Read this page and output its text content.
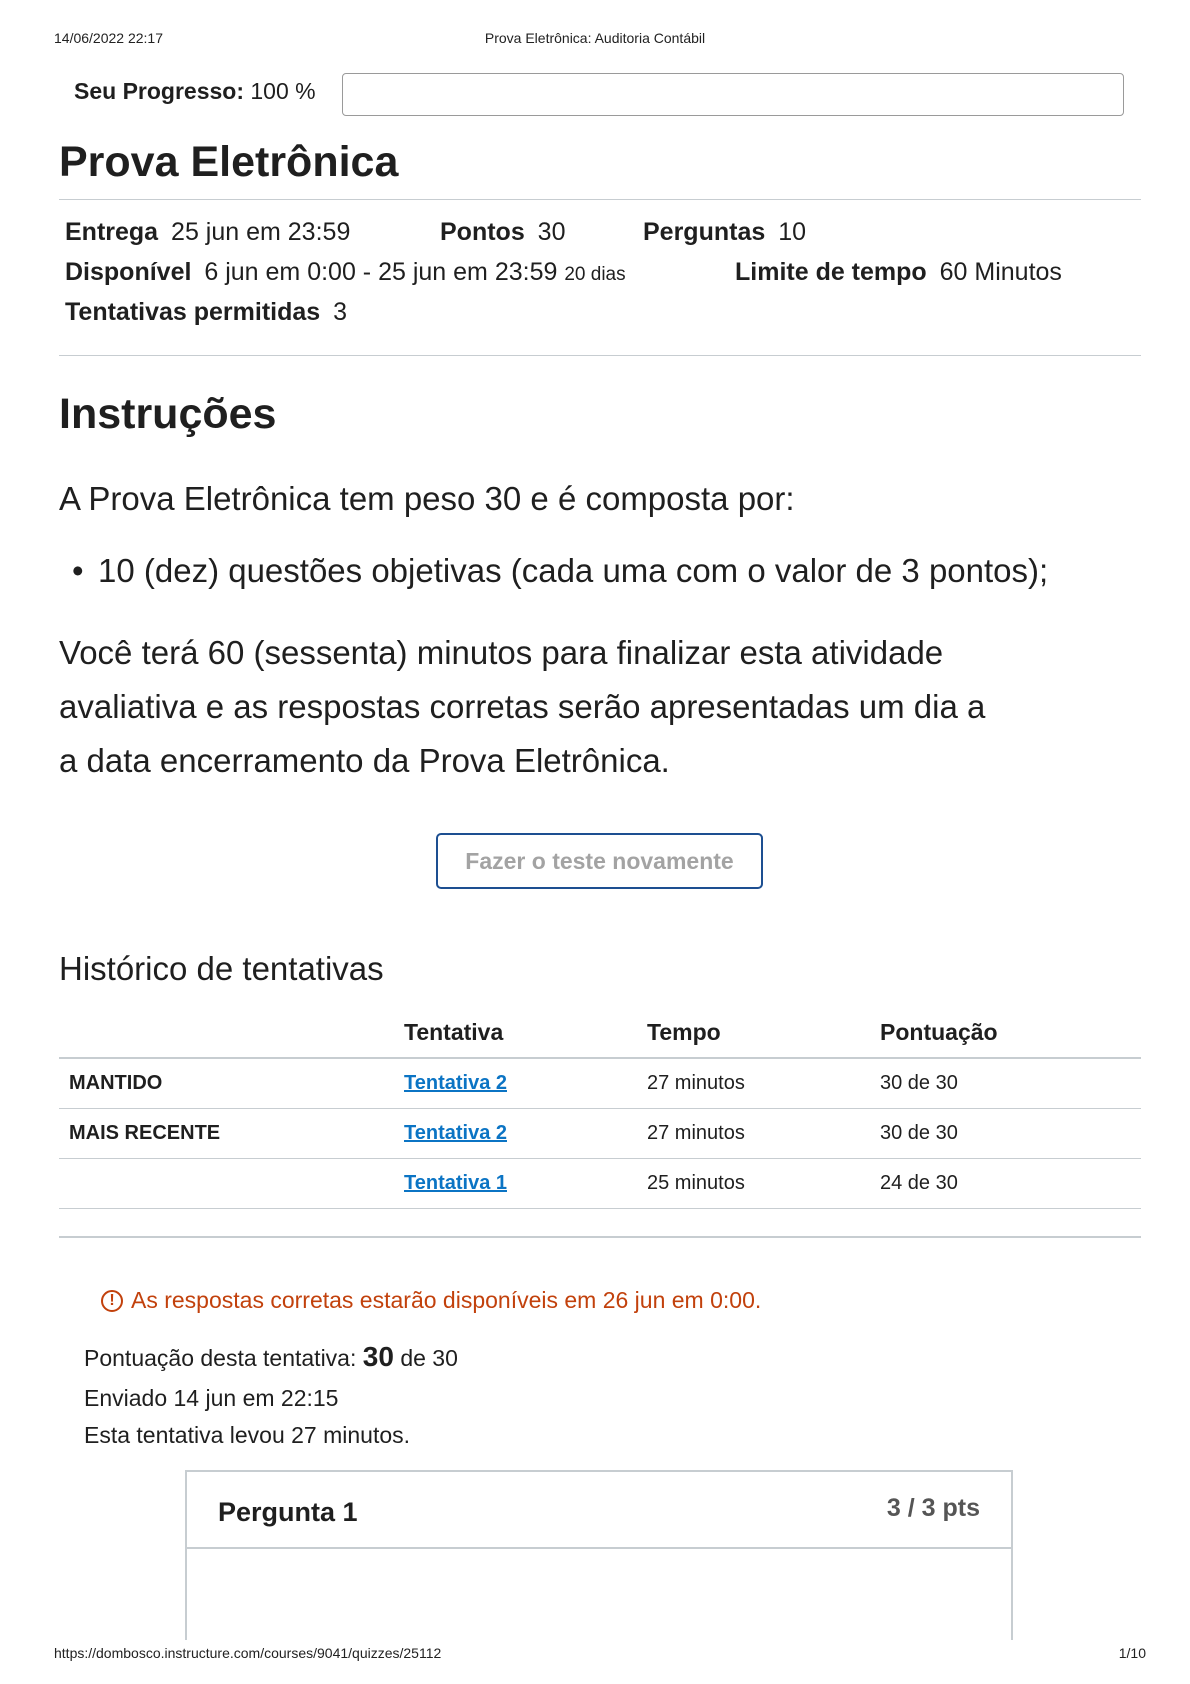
14/06/2022 22:17	Prova Eletrônica: Auditoria Contábil
Seu Progresso: 100 %
Prova Eletrônica
Entrega 25 jun em 23:59	Pontos 30	Perguntas 10
Disponível 6 jun em 0:00 - 25 jun em 23:59 20 dias	Limite de tempo 60 Minutos
Tentativas permitidas 3
Instruções
A Prova Eletrônica tem peso 30 e é composta por:
• 10 (dez) questões objetivas (cada uma com o valor de 3 pontos);
Você terá 60 (sessenta) minutos para finalizar esta atividade
avaliativa e as respostas corretas serão apresentadas um dia a
a data encerramento da Prova Eletrônica.
Fazer o teste novamente
Histórico de tentativas
	Tentativa	Tempo	Pontuação
MANTIDO	Tentativa 2	27 minutos	30 de 30
MAIS RECENTE	Tentativa 2	27 minutos	30 de 30
	Tentativa 1	25 minutos	24 de 30
! As respostas corretas estarão disponíveis em 26 jun em 0:00.
Pontuação desta tentativa: 30 de 30
Enviado 14 jun em 22:15
Esta tentativa levou 27 minutos.
Pergunta 1	3 / 3 pts
https://dombosco.instructure.com/courses/9041/quizzes/25112	1/10
